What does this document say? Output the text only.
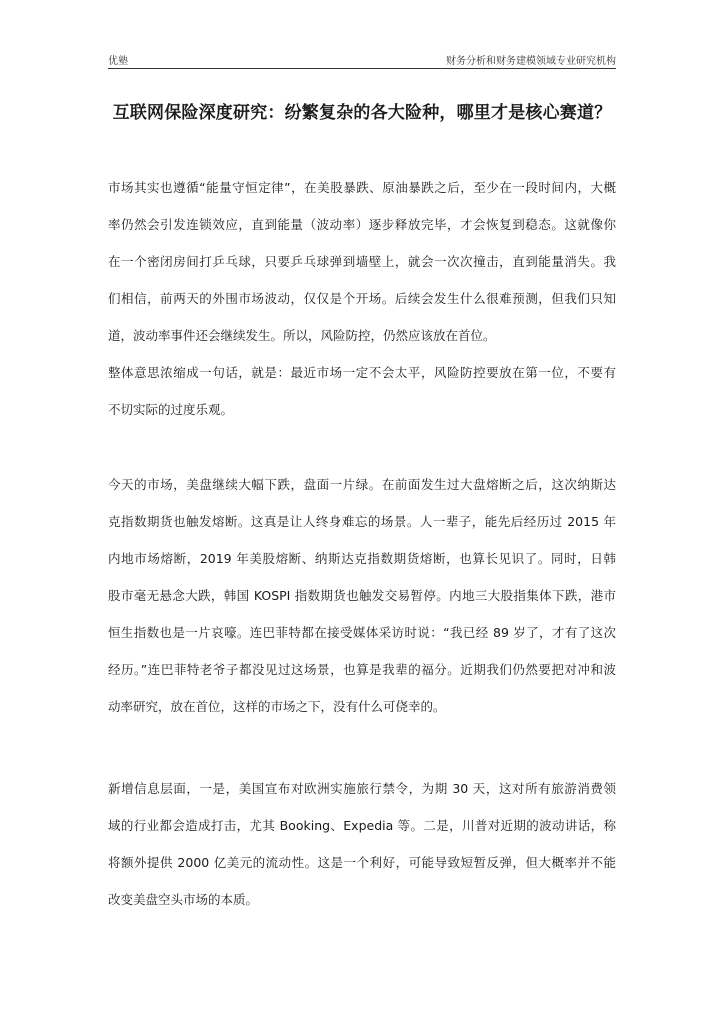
优塾	财务分析和财务建模领域专业研究机构
互联网保险深度研究：纷繁复杂的各大险种，哪里才是核心赛道？
市场其实也遵循“能量守恒定律”，在美股暴跌、原油暴跌之后，至少在一段时间内，大概
率仍然会引发连锁效应，直到能量（波动率）逐步释放完毕，才会恢复到稳态。这就像你
在一个密闭房间打乒乓球，只要乒乓球弹到墙壁上，就会一次次撞击，直到能量消失。我
们相信，前两天的外围市场波动，仅仅是个开场。后续会发生什么很难预测，但我们只知
道，波动率事件还会继续发生。所以，风险防控，仍然应该放在首位。
整体意思浓缩成一句话，就是：最近市场一定不会太平，风险防控要放在第一位，不要有
不切实际的过度乐观。
今天的市场，美盘继续大幅下跌，盘面一片绿。在前面发生过大盘熔断之后，这次纳斯达
克指数期货也触发熔断。这真是让人终身难忘的场景。人一辈子，能先后经历过 2015 年
内地市场熔断，2019 年美股熔断、纳斯达克指数期货熔断，也算长见识了。同时，日韩
股市毫无悬念大跌，韩国 KOSPI 指数期货也触发交易暂停。内地三大股指集体下跌，港市
恒生指数也是一片哀嚎。连巴菲特都在接受媒体采访时说：“我已经 89 岁了，才有了这次
经历。”连巴菲特老爷子都没见过这场景，也算是我辈的福分。近期我们仍然要把对冲和波
动率研究，放在首位，这样的市场之下，没有什么可侥幸的。
新增信息层面，一是，美国宣布对欧洲实施旅行禁令，为期 30 天，这对所有旅游消费领
域的行业都会造成打击，尤其 Booking、Expedia 等。二是，川普对近期的波动讲话，称
将额外提供 2000 亿美元的流动性。这是一个利好，可能导致短暂反弹，但大概率并不能
改变美盘空头市场的本质。
